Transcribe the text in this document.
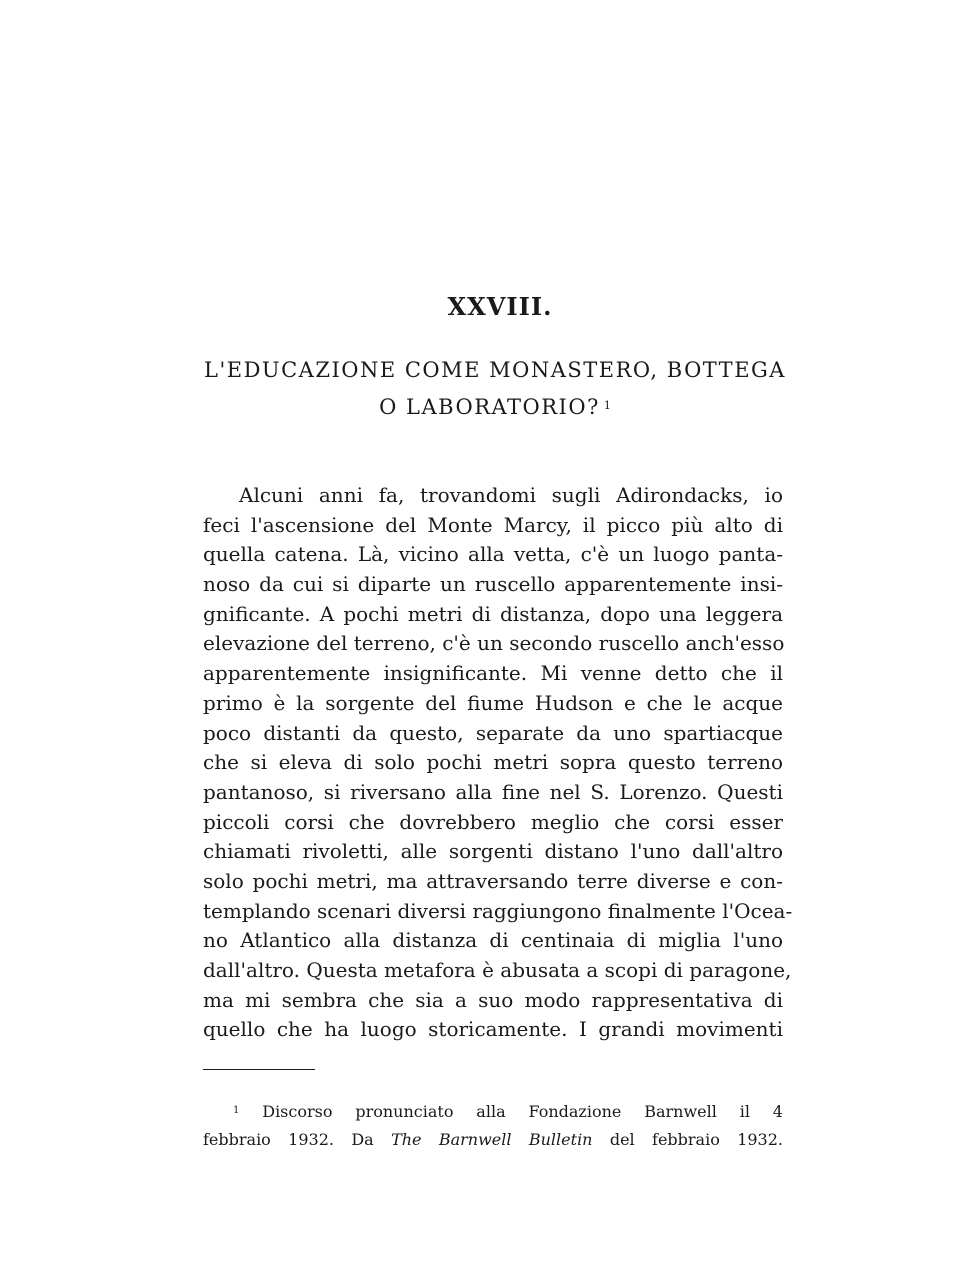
XXVIII.
L'EDUCAZIONE COME MONASTERO, BOTTEGA
O LABORATORIO? $^1$
Alcuni anni fa, trovandomi sugli Adirondacks, io
feci l'ascensione del Monte Marcy, il picco più alto di
quella catena. Là, vicino alla vetta, c'è un luogo panta-
noso da cui si diparte un ruscello apparentemente insi-
gnificante. A pochi metri di distanza, dopo una leggera
elevazione del terreno, c'è un secondo ruscello anch'esso
apparentemente insignificante. Mi venne detto che il
primo è la sorgente del fiume Hudson e che le acque
poco distanti da questo, separate da uno spartiacque
che si eleva di solo pochi metri sopra questo terreno
pantanoso, si riversano alla fine nel S. Lorenzo. Questi
piccoli corsi che dovrebbero meglio che corsi esser
chiamati rivoletti, alle sorgenti distano l'uno dall'altro
solo pochi metri, ma attraversando terre diverse e con-
templando scenari diversi raggiungono finalmente l'Ocea-
no Atlantico alla distanza di centinaia di miglia l'uno
dall'altro. Questa metafora è abusata a scopi di paragone,
ma mi sembra che sia a suo modo rappresentativa di
quello che ha luogo storicamente. I grandi movimenti
$^1$ Discorso pronunciato alla Fondazione Barnwell il 4
febbraio 1932. Da The Barnwell Bulletin del febbraio 1932.
